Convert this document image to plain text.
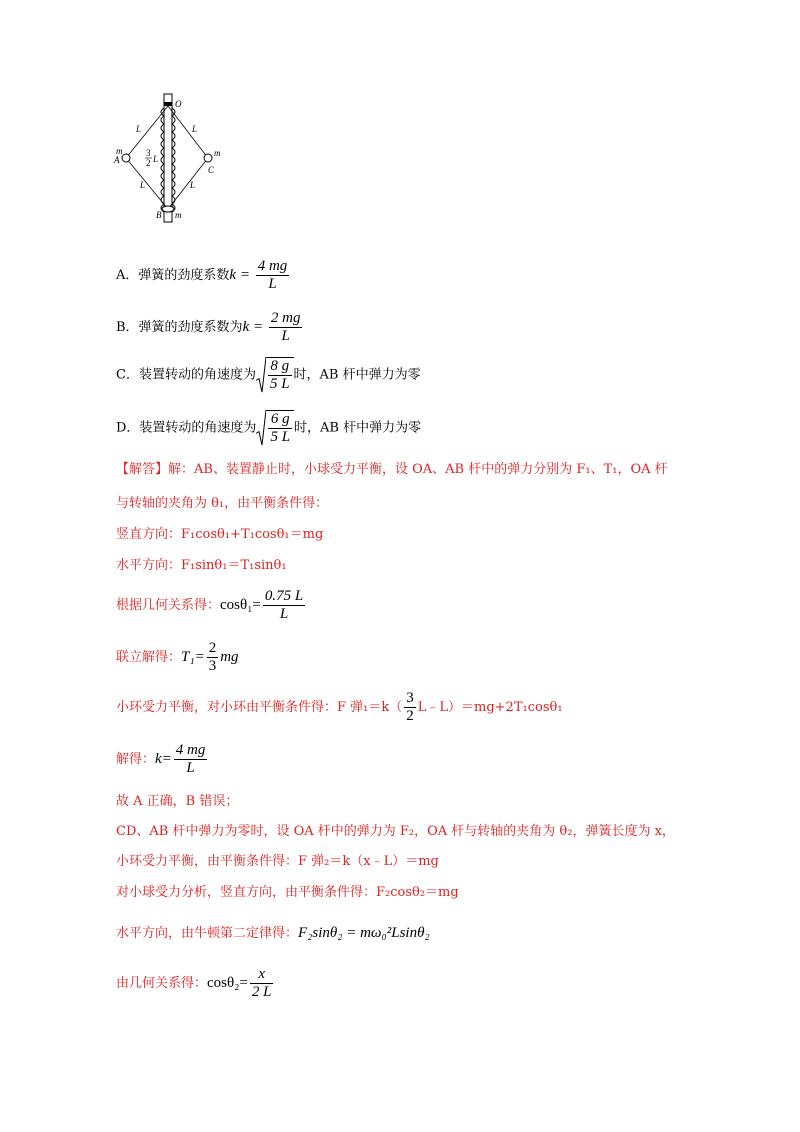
O
L	L
L	L
m
A
m
C
B m
3
2 L
A．弹簧的劲度系数$k = \frac{4 mg}{L}$
B．弹簧的劲度系数为$k = \frac{2 mg}{L}$
C．装置转动的角速度为 $\frac{8 g}{5 L}$ 时，AB 杆中弹力为零
D．装置转动的角速度为 $\frac{6 g}{5 L}$ 时，AB 杆中弹力为零
【解答】解：AB、装置静止时，小球受力平衡，设 OA、AB 杆中的弹力分别为 F₁、T₁，OA 杆
与转轴的夹角为 θ₁，由平衡条件得：
竖直方向：F₁cosθ₁+T₁cosθ₁＝mg
水平方向：F₁sinθ₁＝T₁sinθ₁
根据几何关系得：$\cos\theta_1= \frac{0.75 L}{L}$
联立解得：$T_1= \frac{2}{3}$ mg
小环受力平衡，对小环由平衡条件得：F 弹$_1=k( \frac{3}{2}$ L﹣L）＝mg+2T₁cosθ₁
解得：$k= \frac{4 mg}{L}$
故 A 正确，B 错误；
CD、AB 杆中弹力为零时，设 OA 杆中的弹力为 F₂，OA 杆与转轴的夹角为 θ₂，弹簧长度为 x，
小环受力平衡，由平衡条件得：F 弹₂＝k（x﹣L）＝mg
对小球受力分析，竖直方向，由平衡条件得：F₂cosθ₂＝mg
水平方向，由牛顿第二定律得：F₂sinθ₂ = mω₀²Lsinθ₂
由几何关系得：$\cos\theta_2= \frac{x}{2 L}$
